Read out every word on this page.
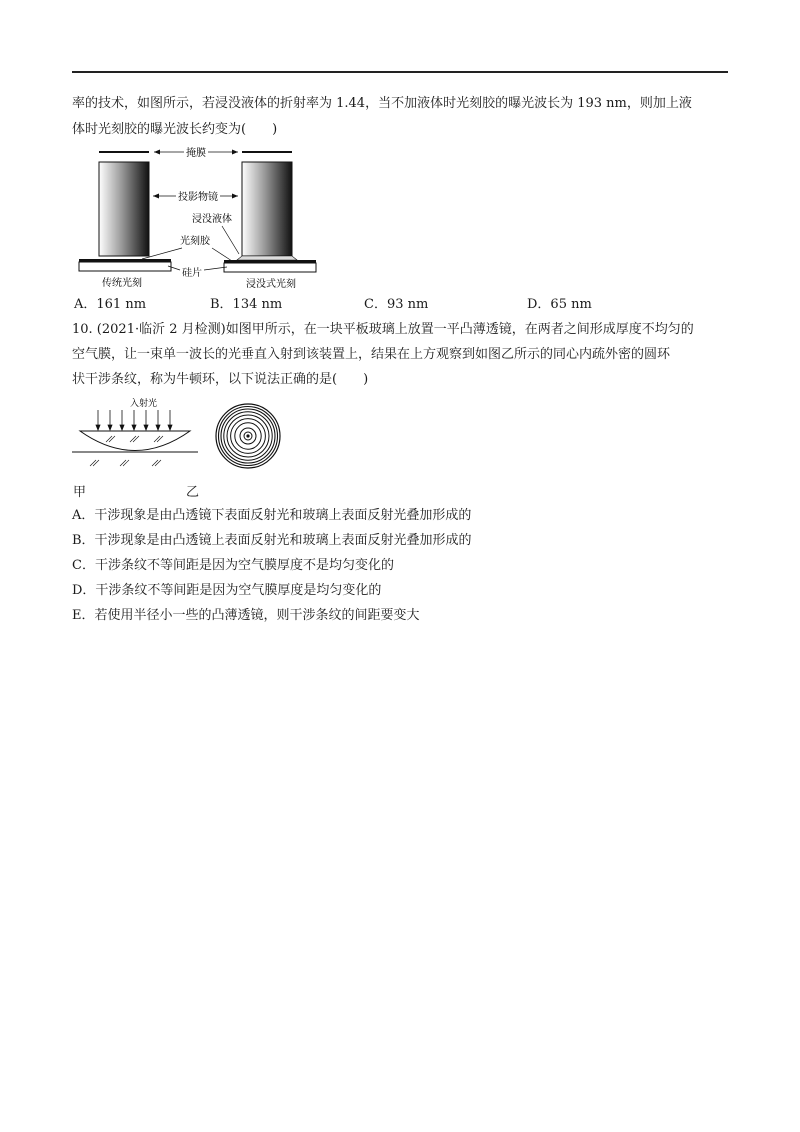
率的技术，如图所示，若浸没液体的折射率为 1.44，当不加液体时光刻胶的曝光波长为 193 nm，则加上液
体时光刻胶的曝光波长约变为(　　)
掩膜
投影物镜
浸没液体
光刻胶
硅片
传统光刻	浸没式光刻
A．161 nm	B．134 nm	C．93 nm	D．65 nm
10. (2021·临沂 2 月检测)如图甲所示，在一块平板玻璃上放置一平凸薄透镜，在两者之间形成厚度不均匀的
空气膜，让一束单一波长的光垂直入射到该装置上，结果在上方观察到如图乙所示的同心内疏外密的圆环
状干涉条纹，称为牛顿环，以下说法正确的是(　　)
入射光
甲	乙
A．干涉现象是由凸透镜下表面反射光和玻璃上表面反射光叠加形成的
B．干涉现象是由凸透镜上表面反射光和玻璃上表面反射光叠加形成的
C．干涉条纹不等间距是因为空气膜厚度不是均匀变化的
D．干涉条纹不等间距是因为空气膜厚度是均匀变化的
E．若使用半径小一些的凸薄透镜，则干涉条纹的间距要变大
